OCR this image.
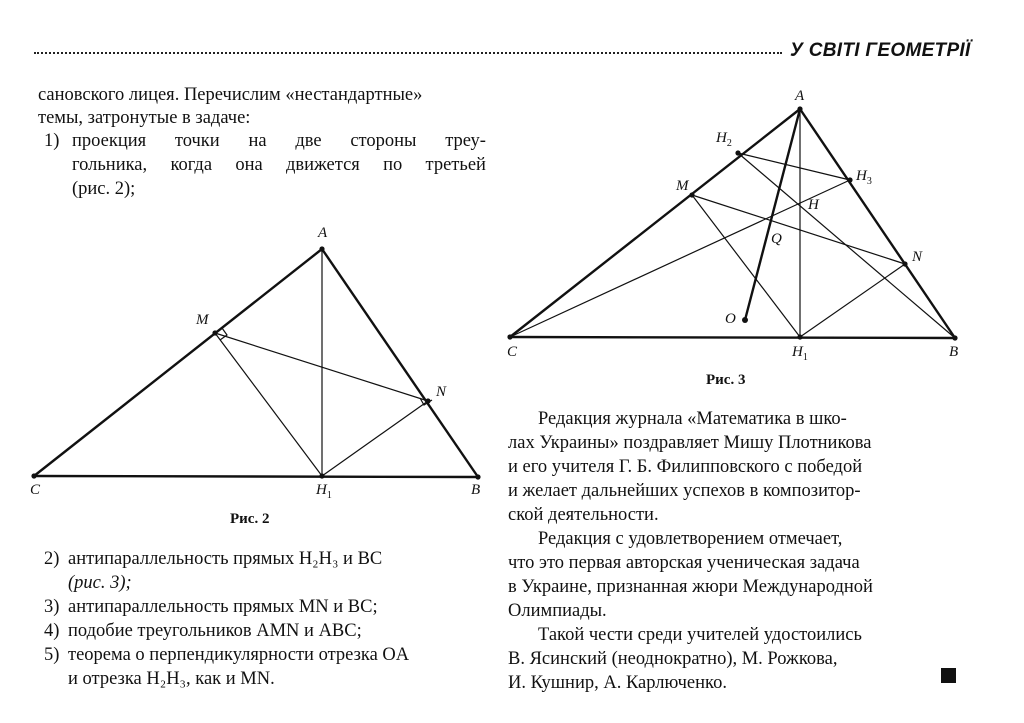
У СВІТІ ГЕОМЕТРІЇ
сановского лицея. Перечислим «нестандартные»
темы, затронутые в задаче:
1) проекция точки на две стороны треу-
гольника, когда она движется по третьей
(рис. 2);
A
M
N
C	$H_1$	B
Рис. 2
A
$H_2$
$H_3$
M
H
Q
N
O
C	$H_1$	B
Рис. 3
2) антипараллельность прямых H₂H₃ и BC
(рис. 3);
3) антипараллельность прямых MN и BC;
4) подобие треугольников AMN и ABC;
5) теорема о перпендикулярности отрезка OA
и отрезка H₂H₃, как и MN.
Редакция журнала «Математика в шко-
лах Украины» поздравляет Мишу Плотникова
и его учителя Г. Б. Филипповского с победой
и желает дальнейших успехов в композитор-
ской деятельности.
Редакция с удовлетворением отмечает,
что это первая авторская ученическая задача
в Украине, признанная жюри Международной
Олимпиады.
Такой чести среди учителей удостоились
В. Ясинский (неоднократно), М. Рожкова,
И. Кушнир, А. Карлюченко.
